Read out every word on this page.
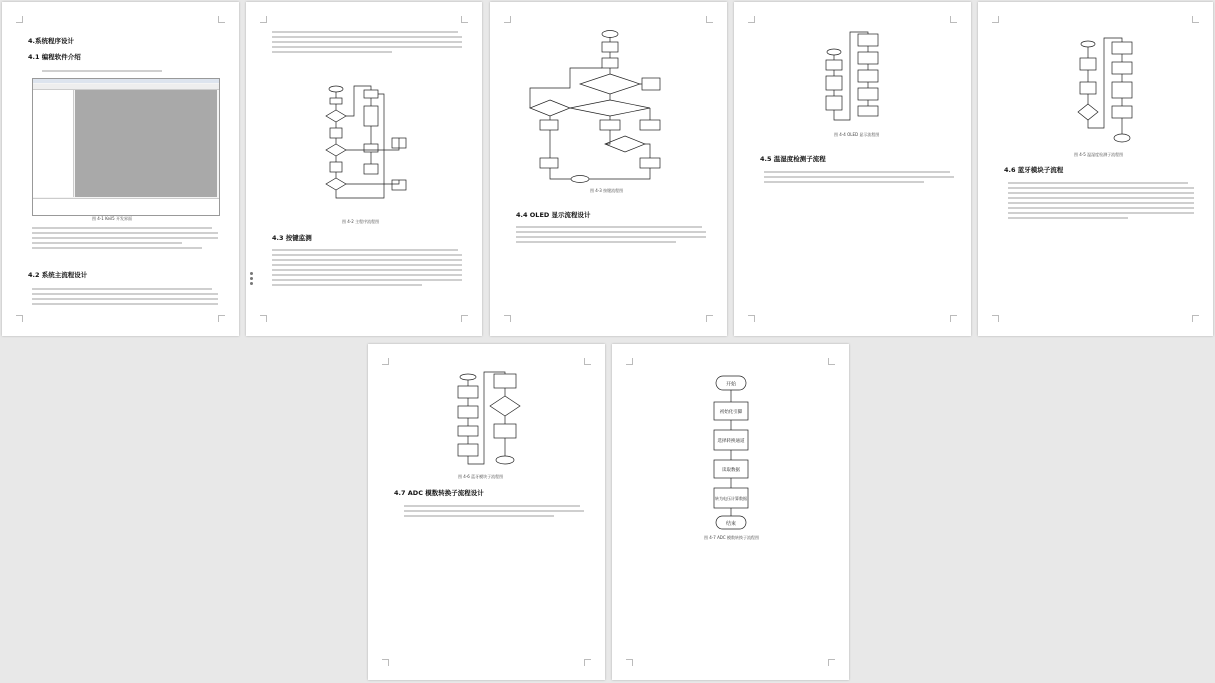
4.系统程序设计
4.1 编程软件介绍
图 4-1 Keil5 开发界面
4.2 系统主流程设计
图 4-2 主程序流程图
4.3 按键监测
图 4-3 按键流程图
4.4 OLED 显示流程设计
图 4-4 OLED 显示流程图
4.5 温湿度检测子流程
图 4-5 温湿度检测子流程图
4.6 蓝牙模块子流程
图 4-6 蓝牙模块子流程图
4.7 ADC 模数转换子流程设计
开始
初始化引脚
选择转换通道
读取数据
转为电压计算数据
结束
图 4-7 ADC 模数转换子流程图
